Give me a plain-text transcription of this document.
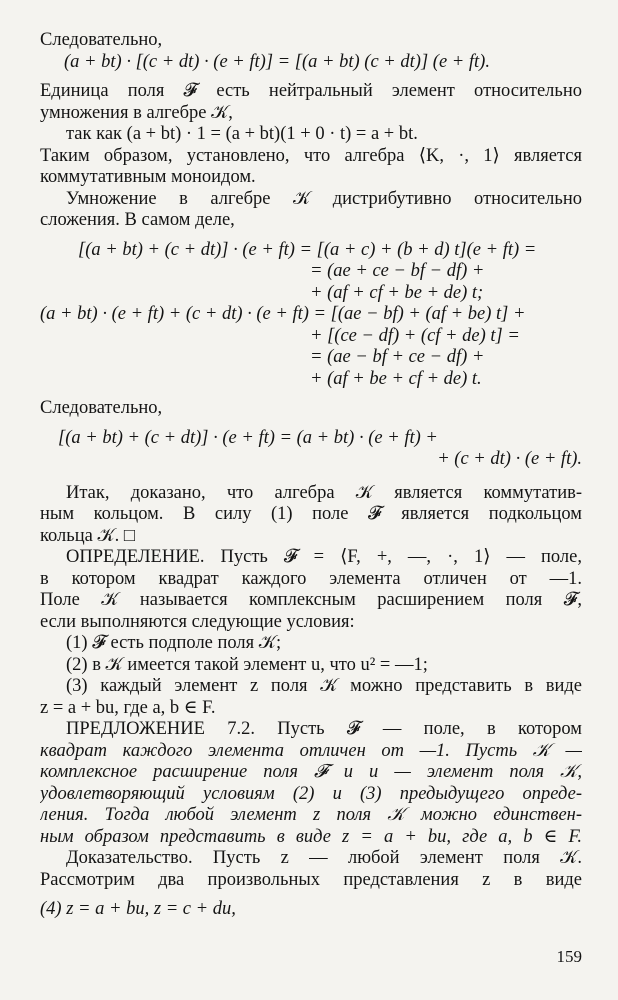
Следовательно,
(a + bt) · [(c + dt) · (e + ft)] = [(a + bt) (c + dt)] (e + ft).
Единица поля 𝓕 есть нейтральный элемент относительно
умножения в алгебре 𝒦,
так как (a + bt) · 1 = (a + bt)(1 + 0 · t) = a + bt.
Таким образом, установлено, что алгебра ⟨K, ·, 1⟩ является
коммутативным моноидом.
Умножение в алгебре 𝒦 дистрибутивно относительно
сложения. В самом деле,
[(a + bt) + (c + dt)] · (e + ft) = [(a + c) + (b + d) t](e + ft) =
= (ae + ce − bf − df) +
+ (af + cf + be + de) t;
(a + bt) · (e + ft) + (c + dt) · (e + ft) = [(ae − bf) + (af + be) t] +
+ [(ce − df) + (cf + de) t] =
= (ae − bf + ce − df) +
+ (af + be + cf + de) t.
Следовательно,
[(a + bt) + (c + dt)] · (e + ft) = (a + bt) · (e + ft) +
+ (c + dt) · (e + ft).
Итак, доказано, что алгебра 𝒦 является коммутатив-
ным кольцом. В силу (1) поле 𝓕 является подкольцом
кольца 𝒦. □
ОПРЕДЕЛЕНИЕ. Пусть 𝓕 = ⟨F, +, —, ·, 1⟩ — поле,
в котором квадрат каждого элемента отличен от —1.
Поле 𝒦 называется комплексным расширением поля 𝓕,
если выполняются следующие условия:
(1) 𝓕 есть подполе поля 𝒦;
(2) в 𝒦 имеется такой элемент u, что u² = —1;
(3) каждый элемент z поля 𝒦 можно представить в виде
z = a + bu, где a, b ∈ F.
ПРЕДЛОЖЕНИЕ 7.2. Пусть 𝓕 — поле, в котором
квадрат каждого элемента отличен от —1. Пусть 𝒦 —
комплексное расширение поля 𝓕 и u — элемент поля 𝒦,
удовлетворяющий условиям (2) и (3) предыдущего опреде-
ления. Тогда любой элемент z поля 𝒦 можно единствен-
ным образом представить в виде z = a + bu, где a, b ∈ F.
Доказательство. Пусть z — любой элемент поля 𝒦.
Рассмотрим два произвольных представления z в виде
(4) z = a + bu, z = c + du,
159
